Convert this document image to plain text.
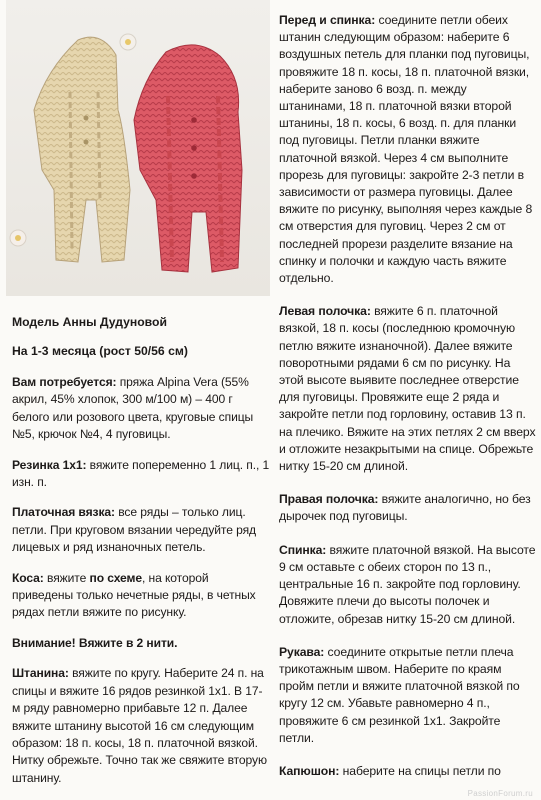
Модель Анны Дудуновой
На 1-3 месяца (рост 50/56 см)

Вам потребуется: пряжа Alpina Vera (55% акрил, 45% хлопок, 300 м/100 м) – 400 г белого или розового цвета, круговые спицы №5, крючок №4, 4 пуговицы.

Резинка 1х1: вяжите попеременно 1 лиц. п., 1 изн. п.

Платочная вязка: все ряды – только лиц. петли. При круговом вязании чередуйте ряд лицевых и ряд изнаночных петель.

Коса: вяжите по схеме, на которой приведены только нечетные ряды, в четных рядах петли вяжите по рисунку.

Внимание! Вяжите в 2 нити.

Штанина: вяжите по кругу. Наберите 24 п. на спицы и вяжите 16 рядов резинкой 1х1. В 17-м ряду равномерно прибавьте 12 п. Далее вяжите штанину высотой 16 см следующим образом: 18 п. косы, 18 п. платочной вязкой. Нитку обрежьте. Точно так же свяжите вторую штанину.

Перед и спинка: соедините петли обеих штанин следующим образом: наберите 6 воздушных петель для планки под пуговицы, провяжите 18 п. косы, 18 п. платочной вязки, наберите заново 6 возд. п. между штанинами, 18 п. платочной вязки второй штанины, 18 п. косы, 6 возд. п. для планки под пуговицы. Петли планки вяжите платочной вязкой. Через 4 см выполните прорезь для пуговицы: закройте 2-3 петли в зависимости от размера пуговицы. Далее вяжите по рисунку, выполняя через каждые 8 см отверстия для пуговиц. Через 2 см от последней прорези разделите вязание на спинку и полочки и каждую часть вяжите отдельно.

Левая полочка: вяжите 6 п. платочной вязкой, 18 п. косы (последнюю кромочную петлю вяжите изнаночной). Далее вяжите поворотными рядами 6 см по рисунку. На этой высоте выявите последнее отверстие для пуговицы. Провяжите еще 2 ряда и закройте петли под горловину, оставив 13 п. на плечико. Вяжите на этих петлях 2 см вверх и отложите незакрытыми на спице. Обрежьте нитку 15-20 см длиной.

Правая полочка: вяжите аналогично, но без дырочек под пуговицы.

Спинка: вяжите платочной вязкой. На высоте 9 см оставьте с обеих сторон по 13 п., центральные 16 п. закройте под горловину. Довяжите плечи до высоты полочек и отложите, обрезав нитку 15-20 см длиной.

Рукава: соедините открытые петли плеча трикотажным швом. Наберите по краям пройм петли и вяжите платочной вязкой по кругу 12 см. Убавьте равномерно 4 п., провяжите 6 см резинкой 1х1. Закройте петли.

Капюшон: наберите на спицы петли по

PassionForum.ru
